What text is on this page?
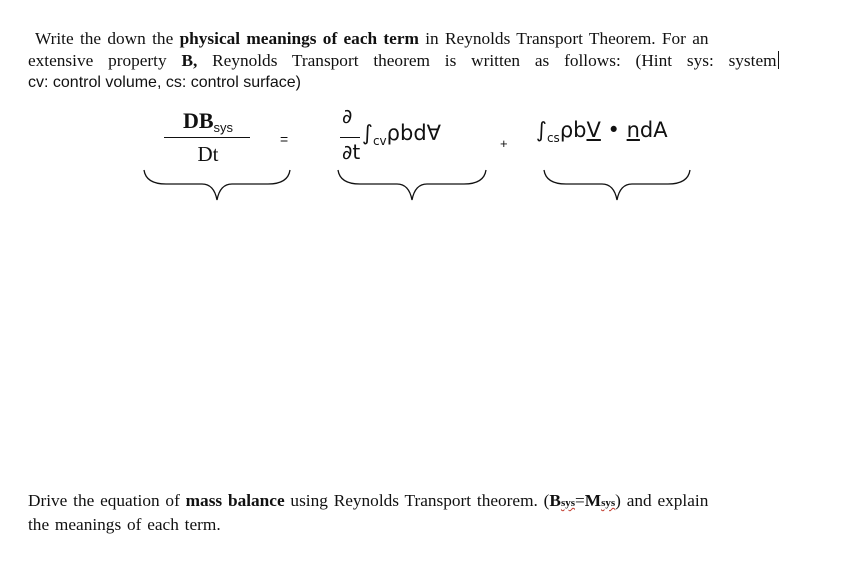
Write the down the physical meanings of each term in Reynolds Transport Theorem. For an
extensive property B, Reynolds Transport theorem is written as follows: (Hint sys: system
cv: control volume, cs: control surface)
DBsys
Dt
=
∂
∂t
$\int_{cv}\rho bd\forall$	+
$\int_{cs}\rho bV$ • ndA
Drive the equation of mass balance using Reynolds Transport theorem. (Bsys=Msys) and explain
the meanings of each term.
